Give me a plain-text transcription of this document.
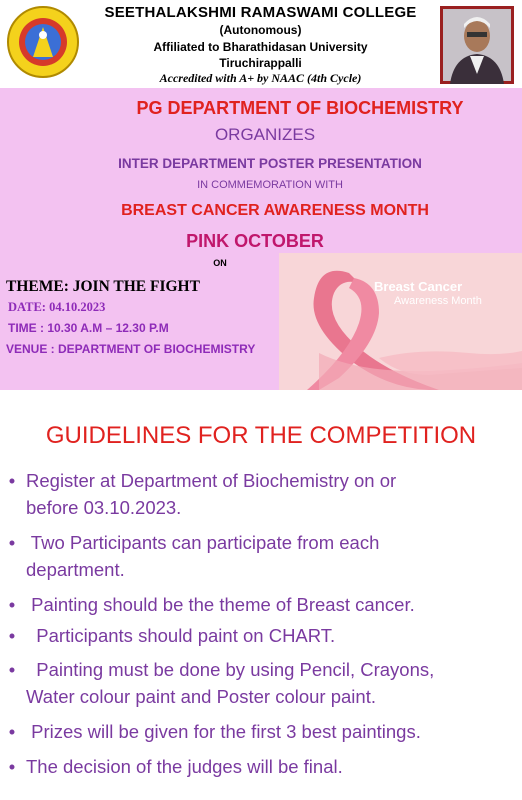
SEETHALAKSHMI RAMASWAMI COLLEGE
(Autonomous)
Affiliated to Bharathidasan University
Tiruchirappalli
Accredited with A+ by NAAC (4th Cycle)
PG DEPARTMENT OF BIOCHEMISTRY
ORGANIZES
INTER DEPARTMENT POSTER PRESENTATION
IN COMMEMORATION WITH
BREAST CANCER AWARENESS MONTH
PINK OCTOBER
ON
THEME: JOIN THE FIGHT
DATE: 04.10.2023
TIME : 10.30 A.M – 12.30 P.M
VENUE : DEPARTMENT OF BIOCHEMISTRY
Breast Cancer
Awareness Month
GUIDELINES FOR THE COMPETITION
• Register at Department of Biochemistry on or
before 03.10.2023.
• Two Participants can participate from each
department.
• Painting should be the theme of Breast cancer.
• Participants should paint on CHART.
•	Painting must be done by using Pencil, Crayons,
Water colour paint and Poster colour paint.
• Prizes will be given for the first 3 best paintings.
• The decision of the judges will be final.
